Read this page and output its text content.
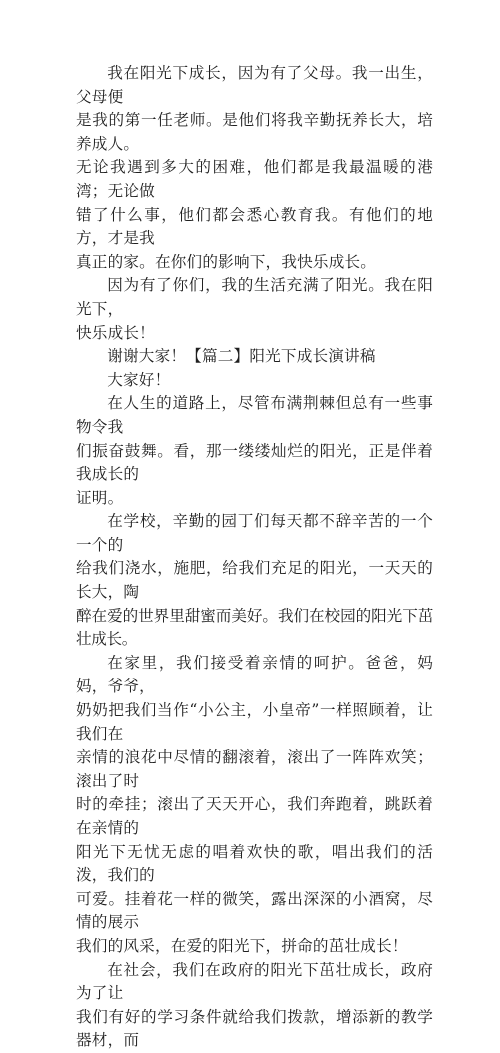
我在阳光下成长，因为有了父母。我一出生，父母便
是我的第一任老师。是他们将我辛勤抚养长大，培养成人。
无论我遇到多大的困难，他们都是我最温暖的港湾；无论做
错了什么事，他们都会悉心教育我。有他们的地方，才是我
真正的家。在你们的影响下，我快乐成长。

因为有了你们，我的生活充满了阳光。我在阳光下，
快乐成长！

谢谢大家！【篇二】阳光下成长演讲稿

大家好！

在人生的道路上，尽管布满荆棘但总有一些事物令我
们振奋鼓舞。看，那一缕缕灿烂的阳光，正是伴着我成长的
证明。

在学校，辛勤的园丁们每天都不辞辛苦的一个一个的
给我们浇水，施肥，给我们充足的阳光，一天天的长大，陶
醉在爱的世界里甜蜜而美好。我们在校园的阳光下茁壮成长。

在家里，我们接受着亲情的呵护。爸爸，妈妈，爷爷，
奶奶把我们当作“小公主，小皇帝”一样照顾着，让我们在
亲情的浪花中尽情的翻滚着，滚出了一阵阵欢笑；滚出了时
时的牵挂；滚出了天天开心，我们奔跑着，跳跃着在亲情的
阳光下无忧无虑的唱着欢快的歌，唱出我们的活泼，我们的
可爱。挂着花一样的微笑，露出深深的小酒窝，尽情的展示
我们的风采，在爱的阳光下，拼命的茁壮成长！

在社会，我们在政府的阳光下茁壮成长，政府为了让
我们有好的学习条件就给我们拨款，增添新的教学器材，而
